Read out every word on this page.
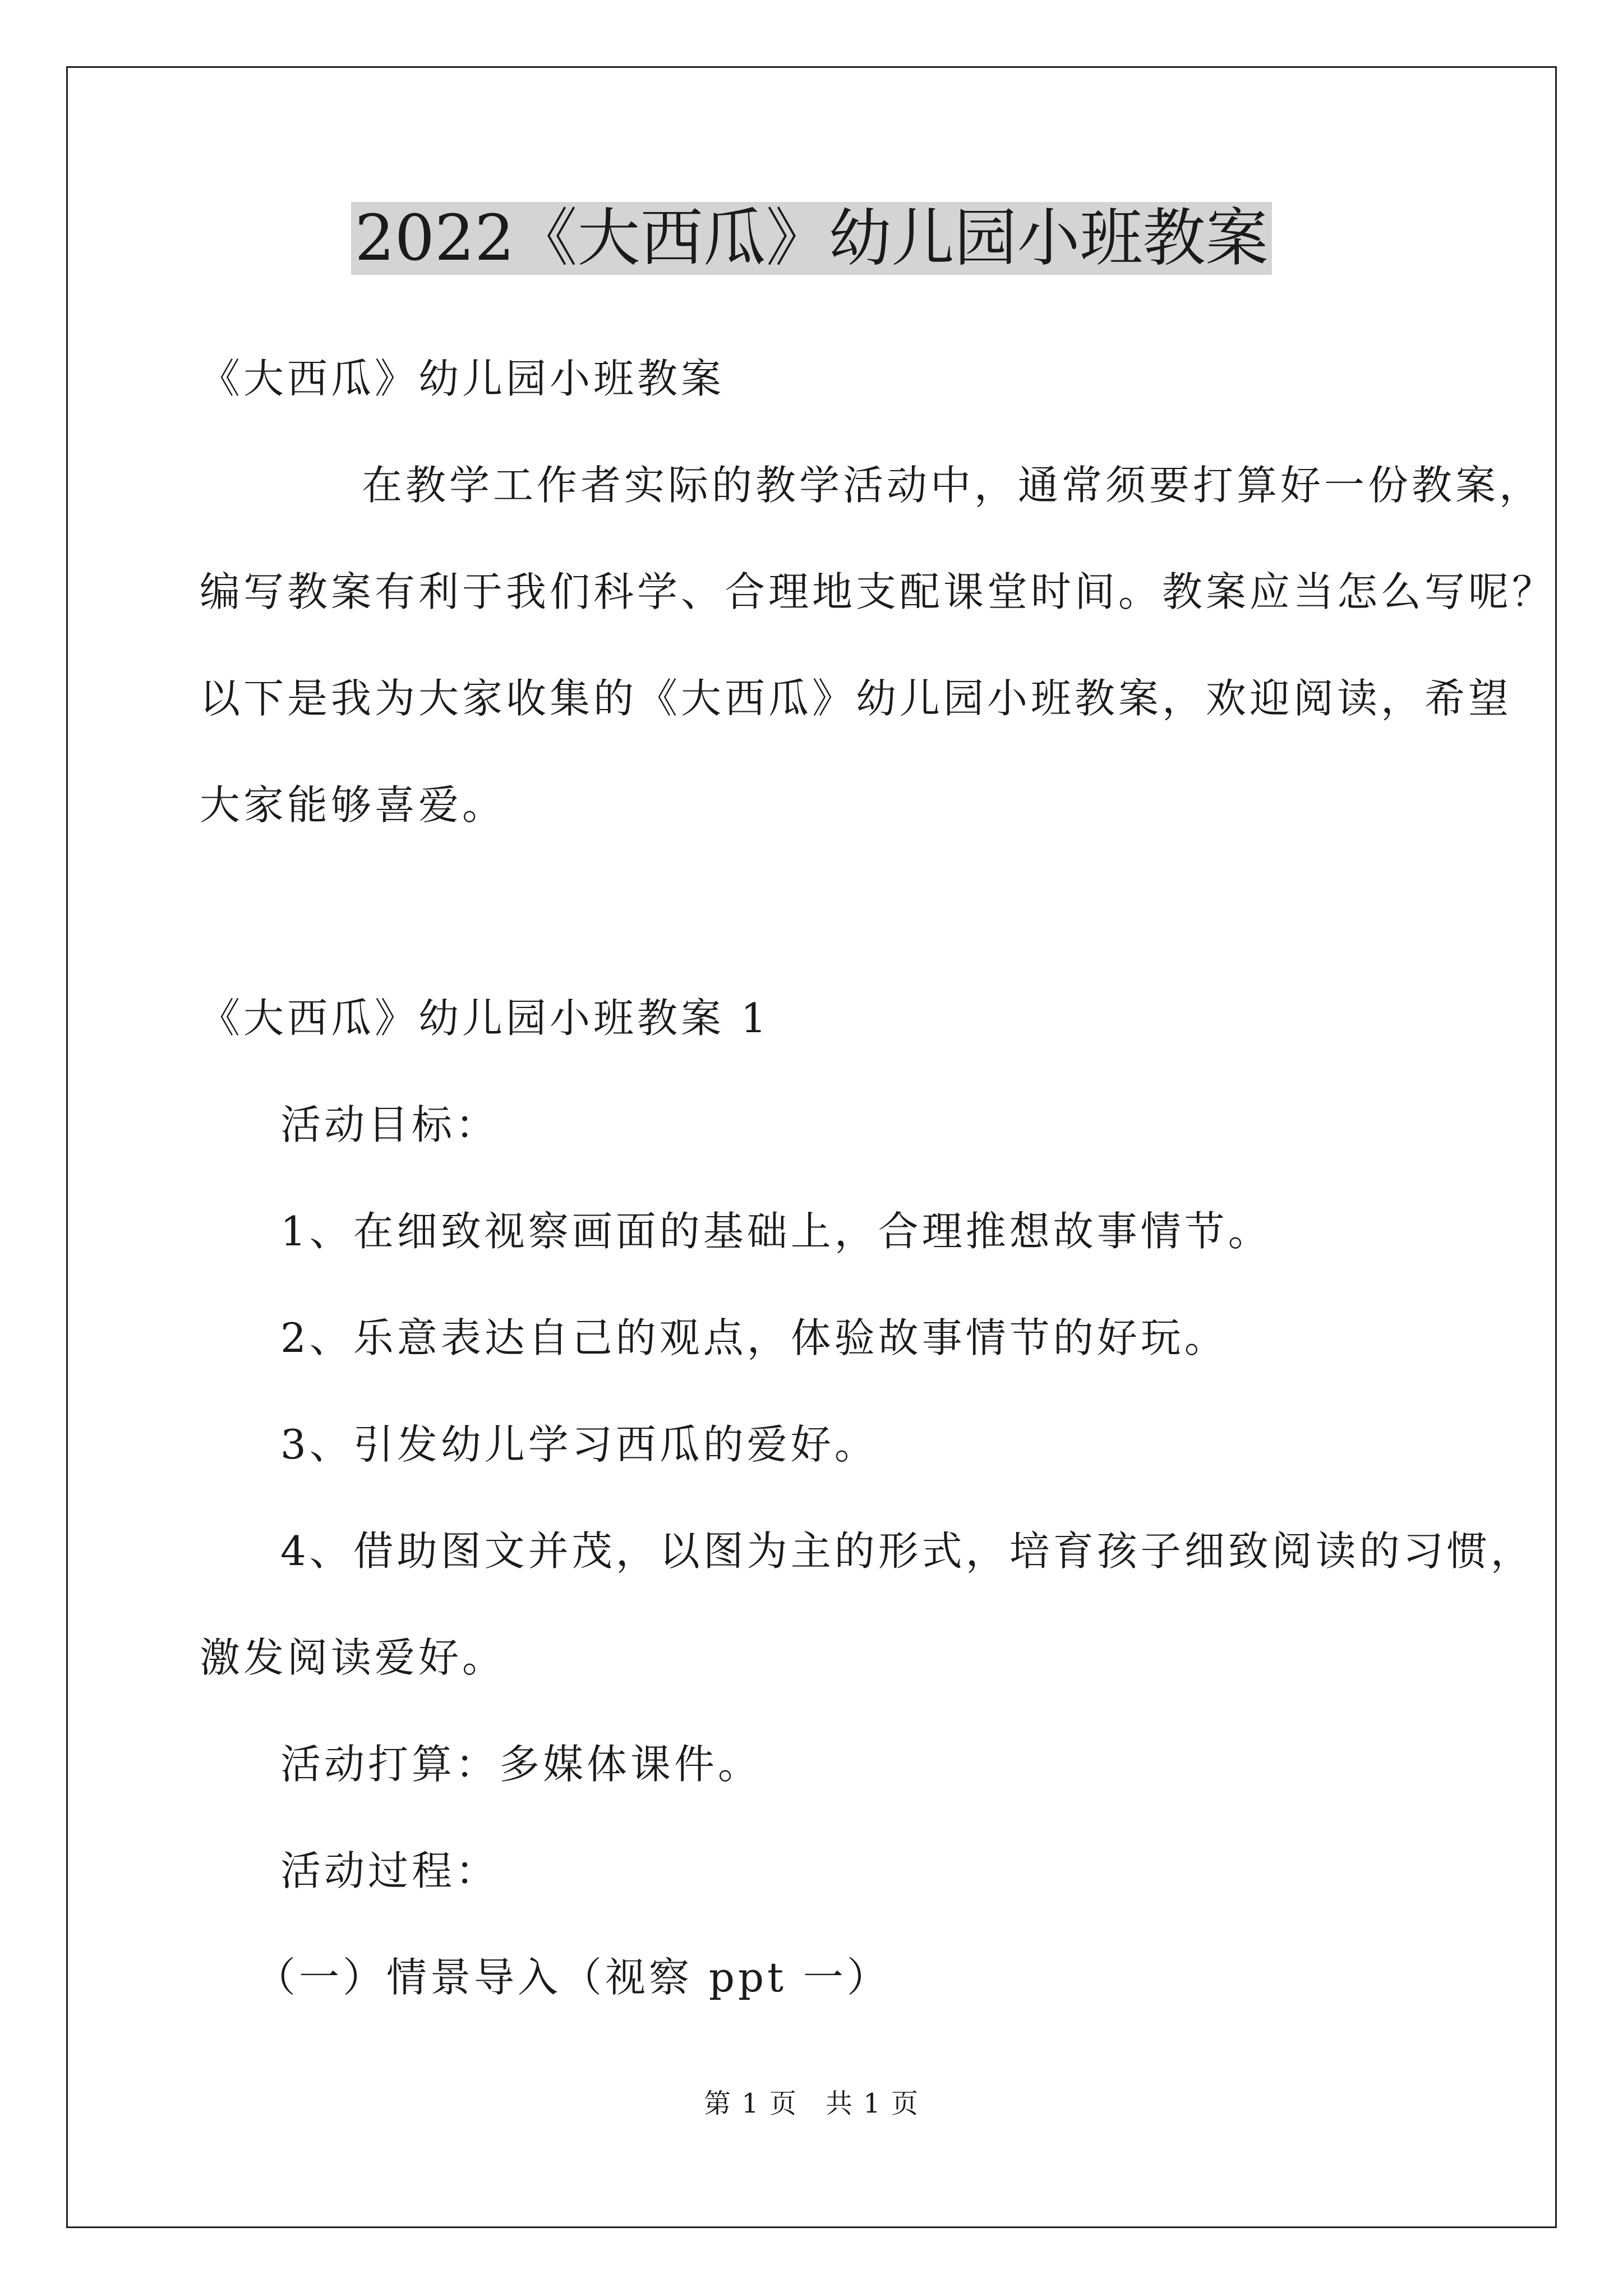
2022《大西瓜》幼儿园小班教案

《大西瓜》幼儿园小班教案

在教学工作者实际的教学活动中，通常须要打算好一份教案，

编写教案有利于我们科学、合理地支配课堂时间。教案应当怎么写呢？

以下是我为大家收集的《大西瓜》幼儿园小班教案，欢迎阅读，希望

大家能够喜爱。

《大西瓜》幼儿园小班教案 1

活动目标：

1、在细致视察画面的基础上，合理推想故事情节。

2、乐意表达自己的观点，体验故事情节的好玩。

3、引发幼儿学习西瓜的爱好。

4、借助图文并茂，以图为主的形式，培育孩子细致阅读的习惯，

激发阅读爱好。

活动打算：多媒体课件。

活动过程：

（一）情景导入（视察 ppt 一）

第 1 页　共 1 页
